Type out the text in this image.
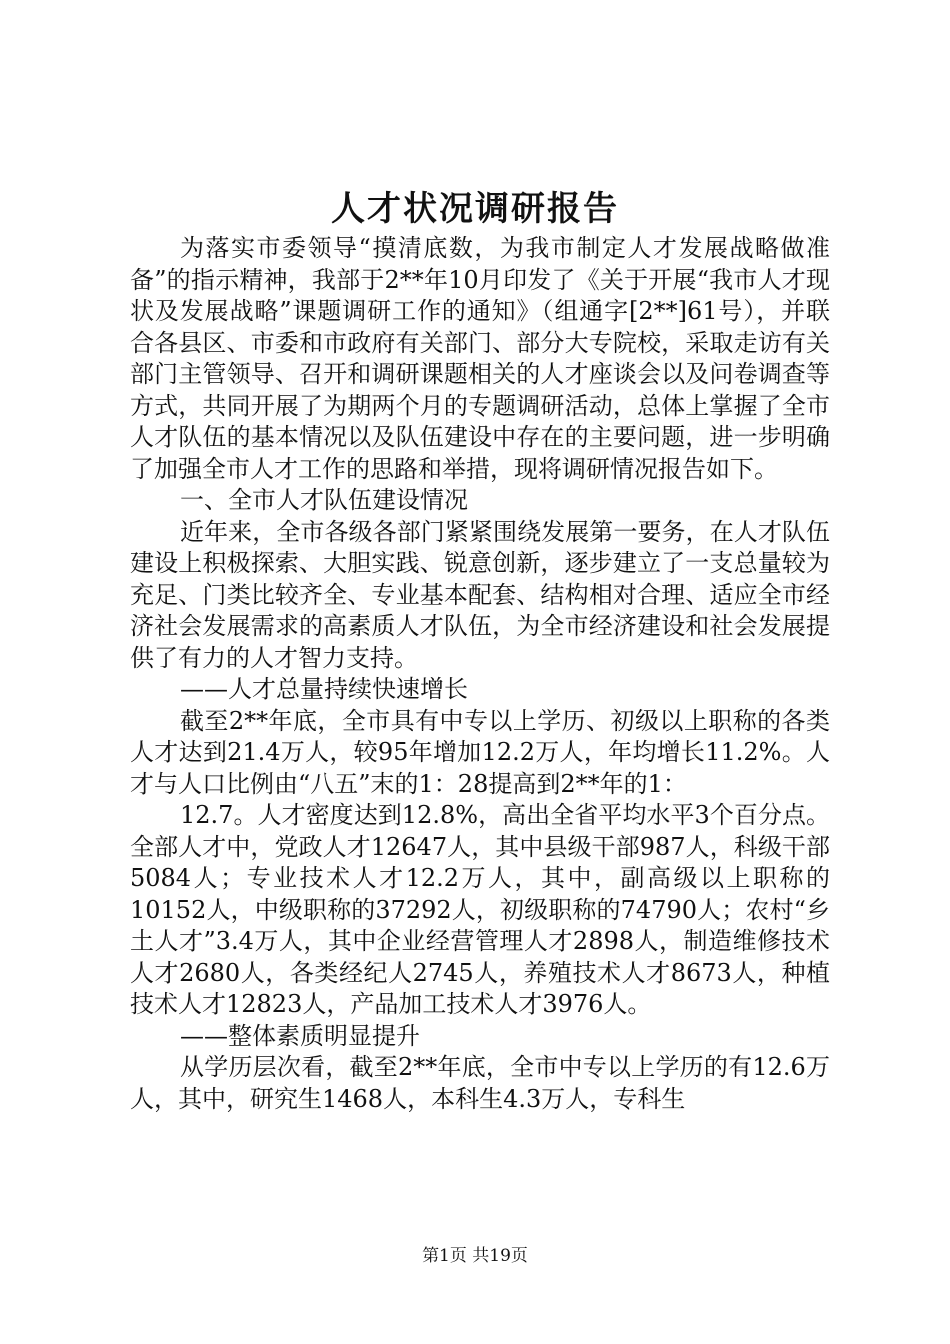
人才状况调研报告

为落实市委领导“摸清底数，为我市制定人才发展战略做准备”的指示精神，我部于2**年10月印发了《关于开展“我市人才现状及发展战略”课题调研工作的通知》（组通字[2**]61号），并联合各县区、市委和市政府有关部门、部分大专院校，采取走访有关部门主管领导、召开和调研课题相关的人才座谈会以及问卷调查等方式，共同开展了为期两个月的专题调研活动，总体上掌握了全市人才队伍的基本情况以及队伍建设中存在的主要问题，进一步明确了加强全市人才工作的思路和举措，现将调研情况报告如下。

一、全市人才队伍建设情况

近年来，全市各级各部门紧紧围绕发展第一要务，在人才队伍建设上积极探索、大胆实践、锐意创新，逐步建立了一支总量较为充足、门类比较齐全、专业基本配套、结构相对合理、适应全市经济社会发展需求的高素质人才队伍，为全市经济建设和社会发展提供了有力的人才智力支持。

——人才总量持续快速增长

截至2**年底，全市具有中专以上学历、初级以上职称的各类人才达到21.4万人，较95年增加12.2万人，年均增长11.2%。人才与人口比例由“八五”末的1：28提高到2**年的1：

12.7。人才密度达到12.8%，高出全省平均水平3个百分点。全部人才中，党政人才12647人，其中县级干部987人，科级干部5084人；专业技术人才12.2万人，其中，副高级以上职称的10152人，中级职称的37292人，初级职称的74790人；农村“乡土人才”3.4万人，其中企业经营管理人才2898人，制造维修技术人才2680人，各类经纪人2745人，养殖技术人才8673人，种植技术人才12823人，产品加工技术人才3976人。

——整体素质明显提升

从学历层次看，截至2**年底，全市中专以上学历的有12.6万人，其中，研究生1468人，本科生4.3万人，专科生

第1页 共19页
